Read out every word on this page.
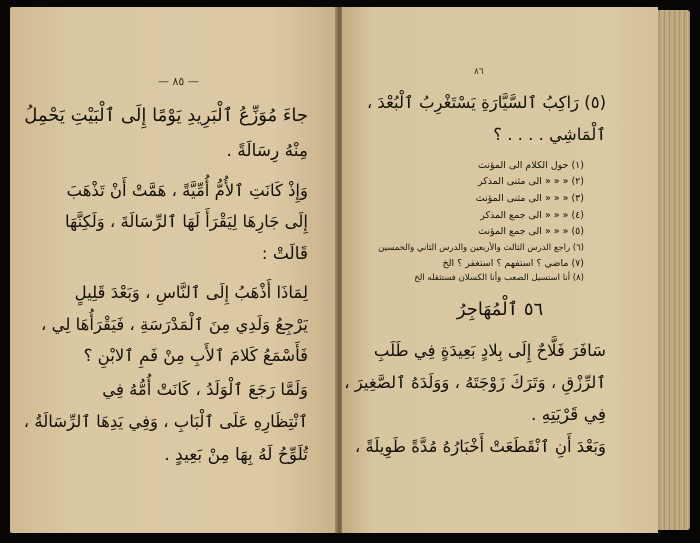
— ٨٥ —
جاءَ مُوَزِّعُ ٱلْبَرِيدِ يَوْمًا إِلَى ٱلْبَيْتِ يَحْمِلُ
مِنْهُ رِسَالَةً .
وَإِذْ كَانَتِ ٱلأُمُّ أُمِّيَّةً ، هَمَّتْ أَنْ تَذْهَبَ
إِلَى جَارِهَا لِيَقْرَأَ لَهَا ٱلرِّسَالَةَ ، وَلَكِنَّهَا
قَالَتْ :
لِمَاذَا أَذْهَبُ إِلَى ٱلنَّاسِ ، وَبَعْدَ قَلِيلٍ
يَرْجِعُ وَلَدِي مِنَ ٱلْمَدْرَسَةِ ، فَيَقْرَأُهَا لِي ،
فَأَسْمَعُ كَلامَ ٱلأَبِ مِنْ فَمِ ٱلابْنِ ؟
وَلَمَّا رَجَعَ ٱلْوَلَدُ ، كَانَتْ أُمُّهُ فِي
ٱنْتِظَارِهِ عَلَى ٱلْبَابِ ، وَفِي يَدِهَا ٱلرِّسَالَةُ ،
تُلَوِّحُ لَهُ بِهَا مِنْ بَعِيدٍ .
٨٦
(٥) رَاكِبُ ٱلسَّيَّارَةِ يَسْتَغْرِبُ ٱلْبُعْدَ ،
ٱلْمَاشِي . . . . ؟
(١) حول الكلام الى المؤنث
(٢) « « « الى مثنى المذكر
(٣) « « « الى مثنى المؤنث
(٤) « « « الى جمع المذكر
(٥) « « « الى جمع المؤنث
(٦) راجع الدرس الثالث والأربعين والدرس الثاني والخمسين
(٧) ماضي ؟ استفهم ؟ استغفر ؟ الخ
(٨) أنا استسيل الصعب وأنا الكسلان فستثقله الخ
٥٦ ٱلْمُهَاجِرُ
سَافَرَ فَلَّاحٌ إِلَى بِلادٍ بَعِيدَةٍ فِي طَلَبِ
ٱلرِّزْقِ ، وَتَرَكَ زَوْجَتَهُ ، وَوَلَدَهُ ٱلصَّغِيرَ ،
فِي قَرْيَتِهِ .
وَبَعْدَ أَنِ ٱنْقَطَعَتْ أَخْبَارُهُ مُدَّةً طَوِيلَةً ،
